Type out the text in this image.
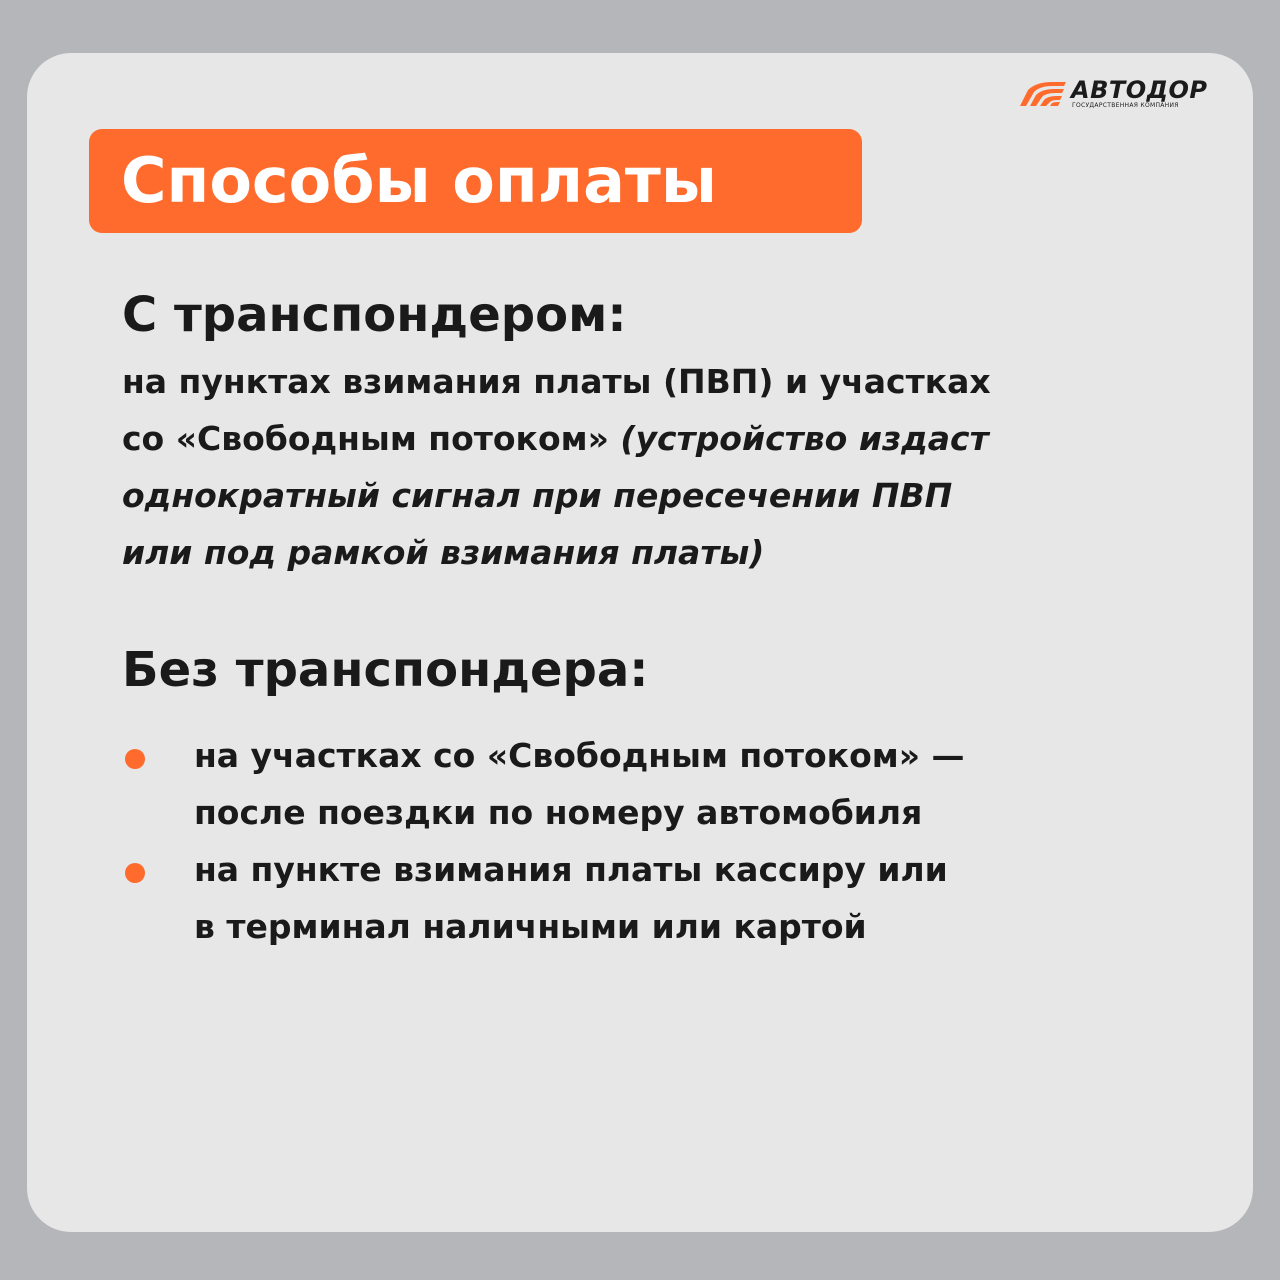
АВТОДОР
ГОСУДАРСТВЕННАЯ КОМПАНИЯ
Способы оплаты
С транспондером:
на пунктах взимания платы (ПВП) и участках
со «Свободным потоком» (устройство издаст
однократный сигнал при пересечении ПВП
или под рамкой взимания платы)
Без транспондера:
на участках со «Свободным потоком» —
после поездки по номеру автомобиля
на пункте взимания платы кассиру или
в терминал наличными или картой
